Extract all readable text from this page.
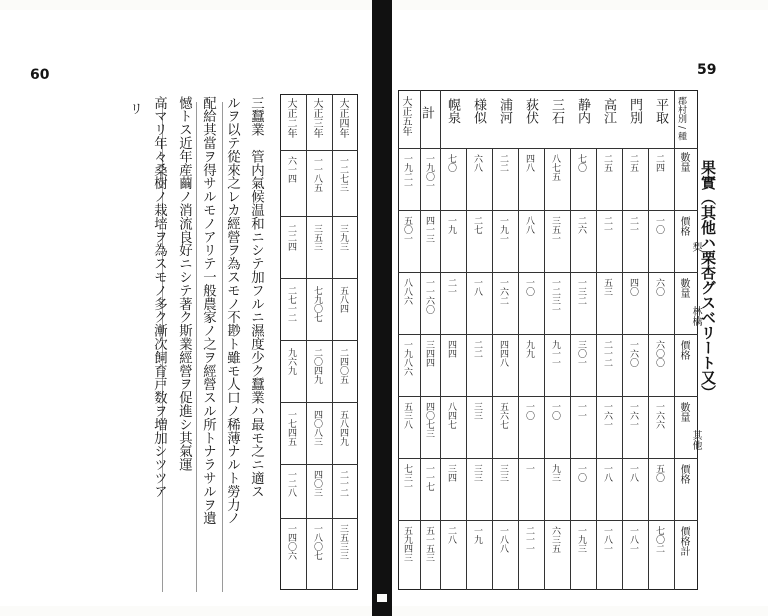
60
リ	三蠶業　管内氣候温和ニシテ加フルニ濕度少ク蠶業ハ最モ之ニ適ス
ルヲ以テ從來之レカ經營ヲ為スモノ不尠ト雖モ人口ノ稀薄ナルト勞力ノ
配給其當ヲ得サルモノアリテ一般農家ノ之ヲ經營スル所トナラサルヲ遺
憾トス近年産繭ノ消流良好ニシテ著ク斯業經營ヲ促進シ其氣運
高マリ年々桑樹ノ栽培ヲ為スモノ多ク漸次飼育戸数ヲ増加シツツア	大正四年
大正三年
大正二年
一二七三
三九三
五八四
二四〇五
五八四九
二一二
一一八五
三五三
七九〇七
二〇四九
四〇八三
四〇三
六一四
二二四
二七一二
九六九
一七四五
一二八
三五三三
一八〇七
一四〇六
59
果實（其他ハ栗杏グスベリート又）
郡村別 / 種
平取
門別
高江
静内
三石
荻伏
浦河
様似
幌泉
計
大正五年
數量
價格
數量
價格
數量
價格
價格計
梨
林檎
其他
二四
一〇
六〇
六〇〇
一六六
五〇
七〇二
二五
二一
四〇
一六〇
一六一
一八
一八一
二五
二一
五三
二一二
一六一
一八
一八一
七〇
二六
一三二
三〇一
一一
一〇
一九三
八七五
三五一
一二三一
九一一
一〇
九三
六三五
四八
八八
一〇
九九
一〇
一
二一一
二二
一九一
一六二
四四八
五六七
三三
一八八
六八
二七
一八
二二
三三
三三
一九
七〇
一九
二一
四四
八四七
三四
二八
一九〇一
四一三
一一六〇
三四四
四〇七三
一一七
五一五三
一九二一
五〇一
八八六
一九八六
五三八
七三一
五九四三
